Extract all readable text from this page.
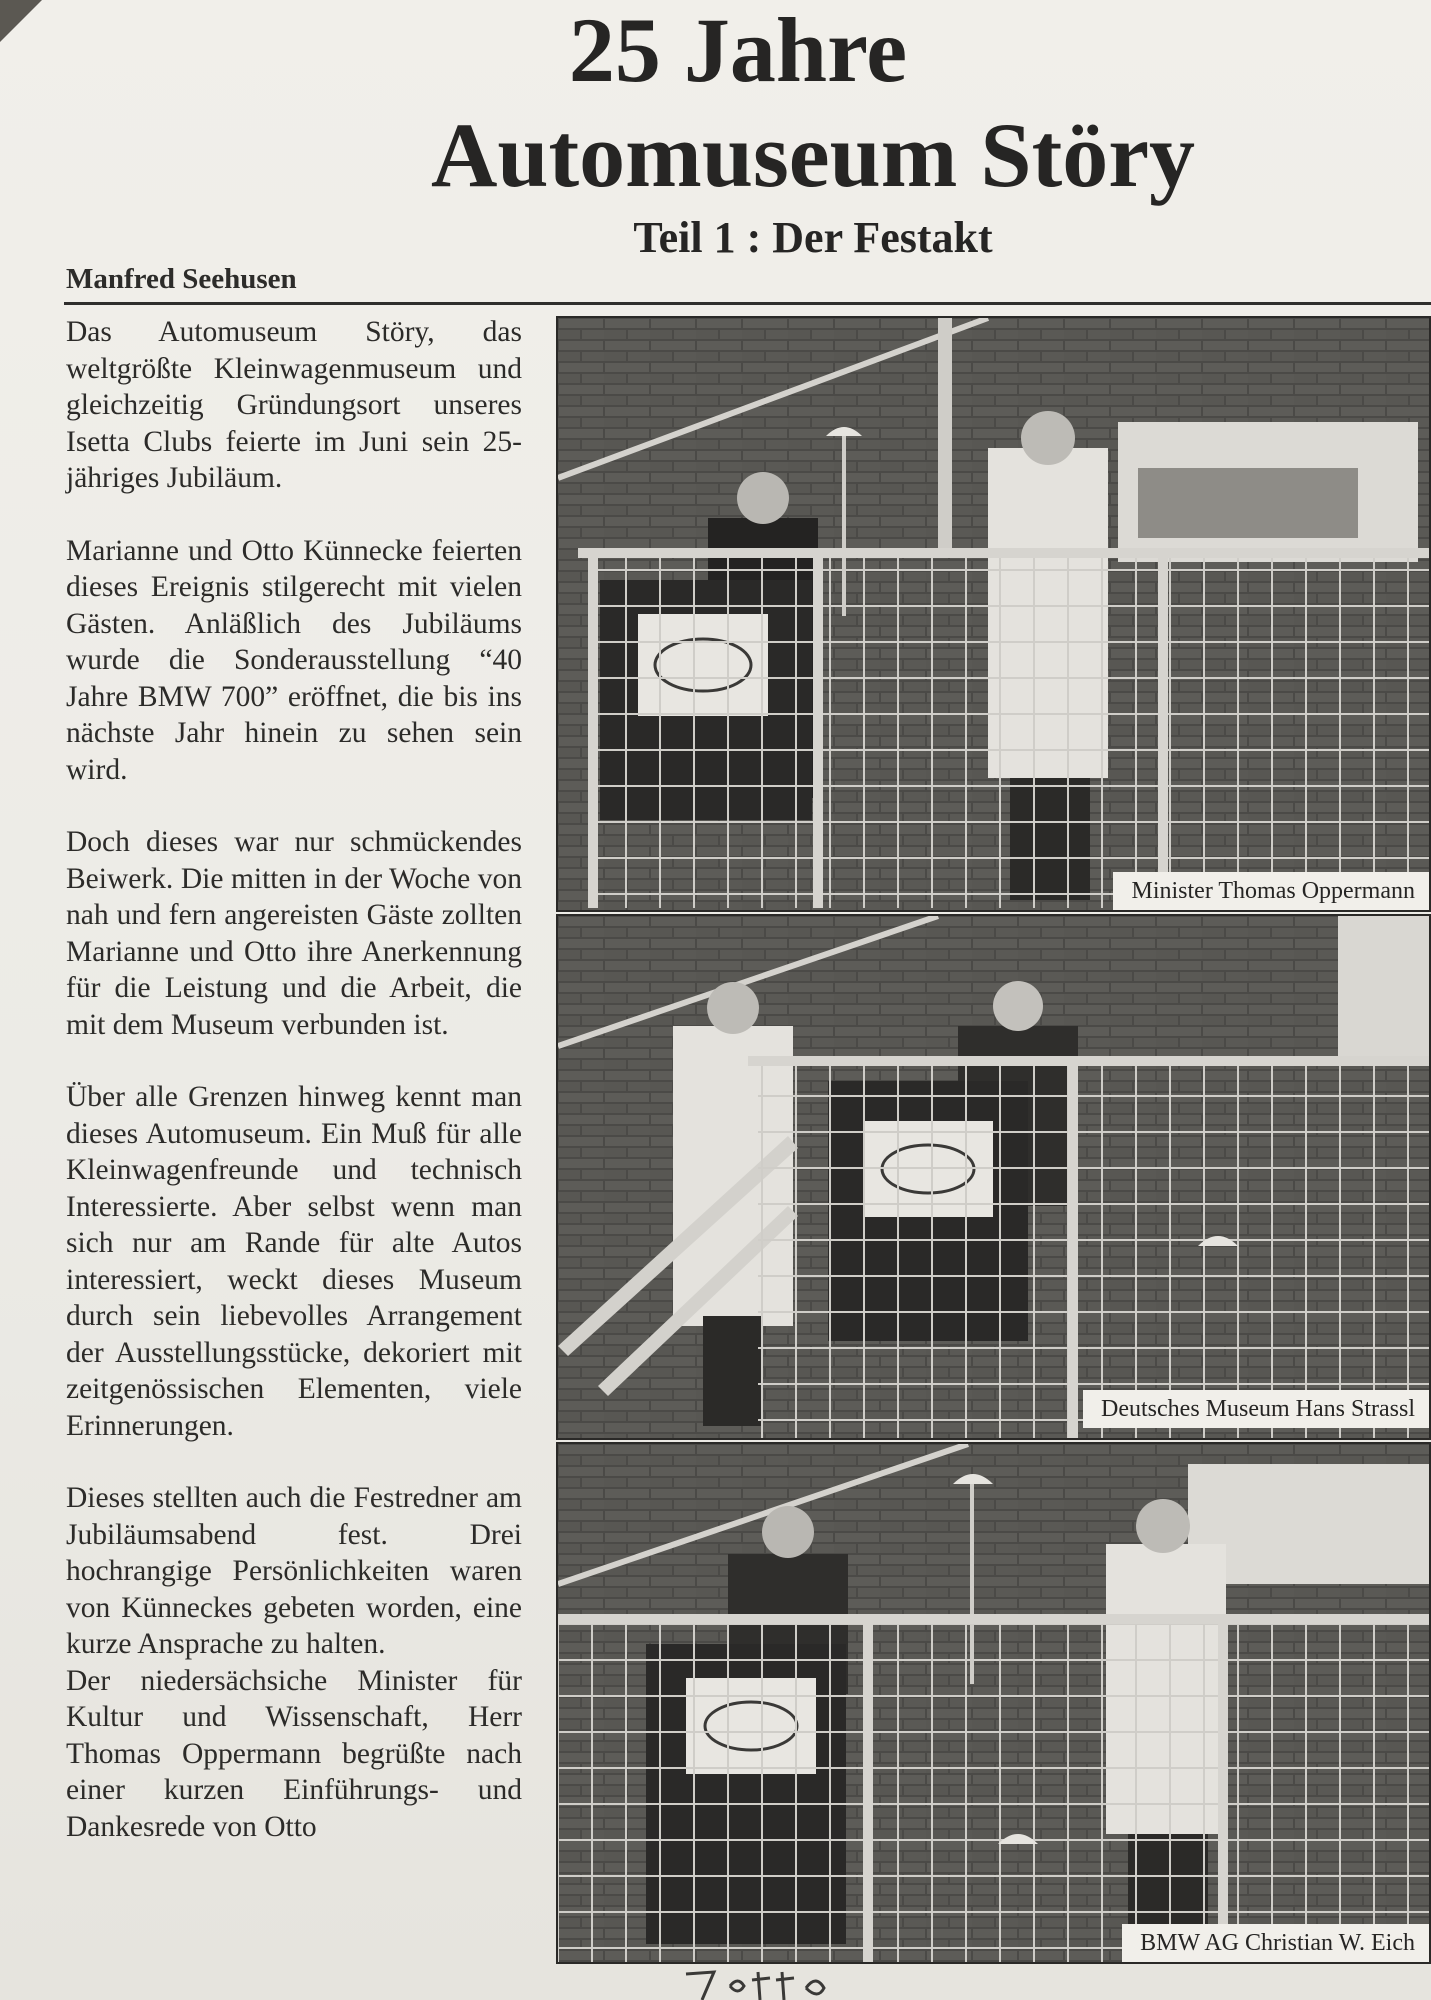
25 Jahre
Automuseum Störy
Teil 1 : Der Festakt
Manfred Seehusen

Das Automuseum Störy, das weltgrößte Kleinwagenmuseum und gleichzeitig Gründungsort unseres Isetta Clubs feierte im Juni sein 25-jähriges Jubiläum.

Marianne und Otto Künnecke feierten dieses Ereignis stilgerecht mit vielen Gästen. Anläßlich des Jubiläums wurde die Sonderausstellung “40 Jahre BMW 700” eröffnet, die bis ins nächste Jahr hinein zu sehen sein wird.

Doch dieses war nur schmückendes Beiwerk. Die mitten in der Woche von nah und fern angereisten Gäste zollten Marianne und Otto ihre Anerkennung für die Leistung und die Arbeit, die mit dem Museum verbunden ist.

Über alle Grenzen hinweg kennt man dieses Automuseum. Ein Muß für alle Kleinwagenfreunde und technisch Interessierte. Aber selbst wenn man sich nur am Rande für alte Autos interessiert, weckt dieses Museum durch sein liebevolles Arrangement der Ausstellungsstücke, dekoriert mit zeitgenössischen Elementen, viele Erinnerungen.

Dieses stellten auch die Festredner am Jubiläumsabend fest. Drei hochrangige Persönlichkeiten waren von Künneckes gebeten worden, eine kurze Ansprache zu halten.

Der niedersächsiche Minister für Kultur und Wissenschaft, Herr Thomas Oppermann begrüßte nach einer kurzen Einführungs- und Dankesrede von Otto

Minister Thomas Oppermann
Deutsches Museum Hans Strassl
BMW AG Christian W. Eich
